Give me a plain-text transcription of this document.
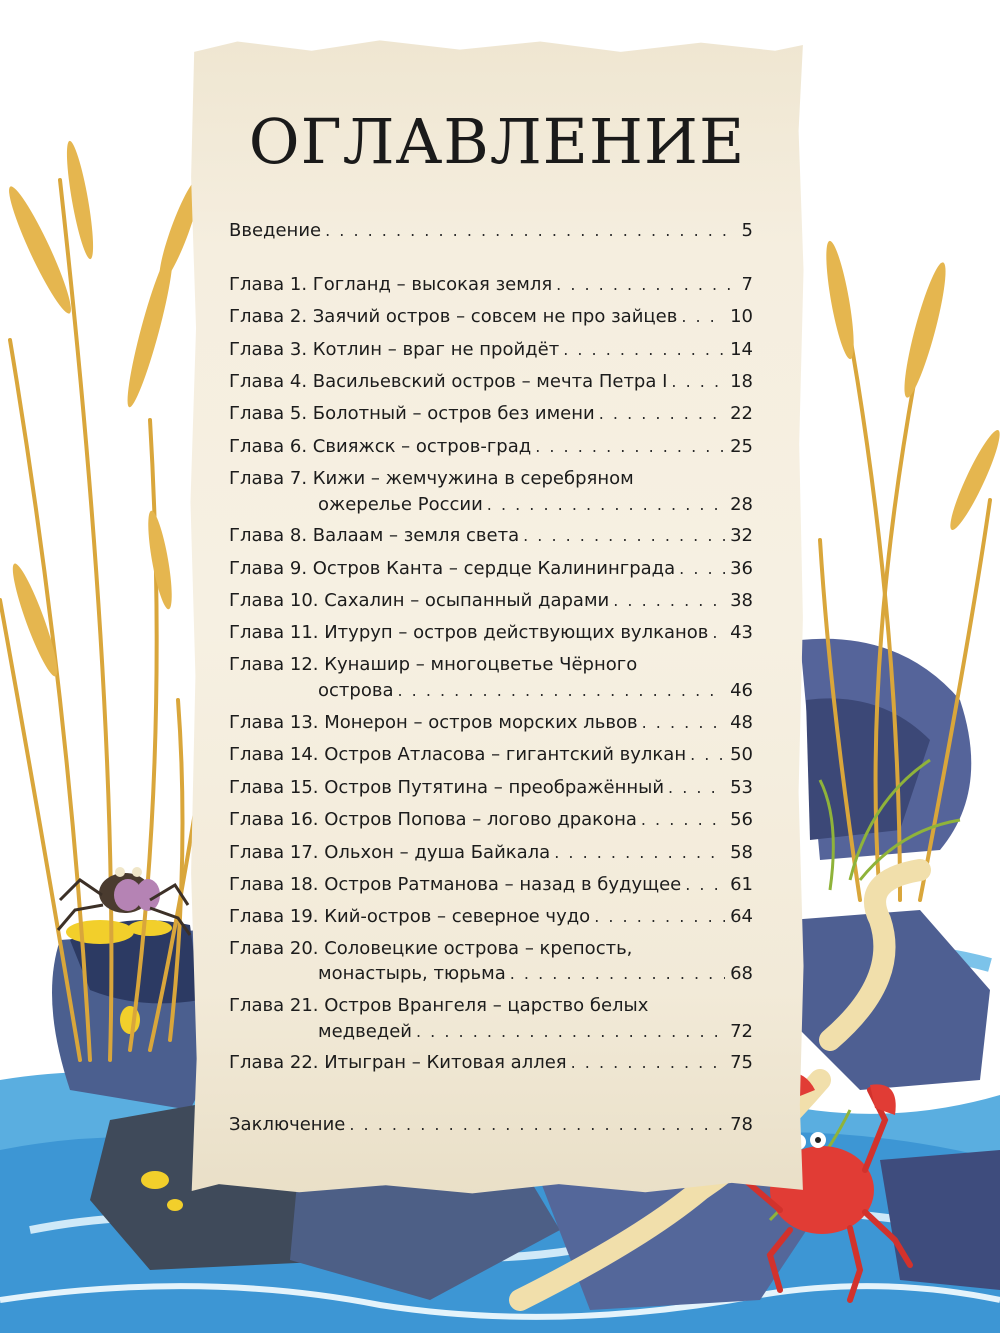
ОГЛАВЛЕНИЕ
Введение . . .	5
Глава 1. Гогланд – высокая земля . . .	7
Глава 2. Заячий остров – совсем не про зайцев . . .	10
Глава 3. Котлин – враг не пройдёт . . .	14
Глава 4. Васильевский остров – мечта Петра I . . .	18
Глава 5. Болотный – остров без имени . . .	22
Глава 6. Свияжск – остров-град . . .	25
Глава 7. Кижи – жемчужина в серебряном
ожерелье России . . .	28
Глава 8. Валаам – земля света . . .	32
Глава 9. Остров Канта – сердце Калининграда . . .	36
Глава 10. Сахалин – осыпанный дарами . . .	38
Глава 11. Итуруп – остров действующих вулканов . . . 43
Глава 12. Кунашир – многоцветье Чёрного
острова . . .	46
Глава 13. Монерон – остров морских львов . . .	48
Глава 14. Остров Атласова – гигантский вулкан . . . 50
Глава 15. Остров Путятина – преображённый . . .	53
Глава 16. Остров Попова – логово дракона . . .	56
Глава 17. Ольхон – душа Байкала . . .	58
Глава 18. Остров Ратманова – назад в будущее . . .	61
Глава 19. Кий-остров – северное чудо . . .	64
Глава 20. Соловецкие острова – крепость,
монастырь, тюрьма . . .	68
Глава 21. Остров Врангеля – царство белых
медведей . . .	72
Глава 22. Итыгран – Китовая аллея . . .	75
Заключение . . .	78
